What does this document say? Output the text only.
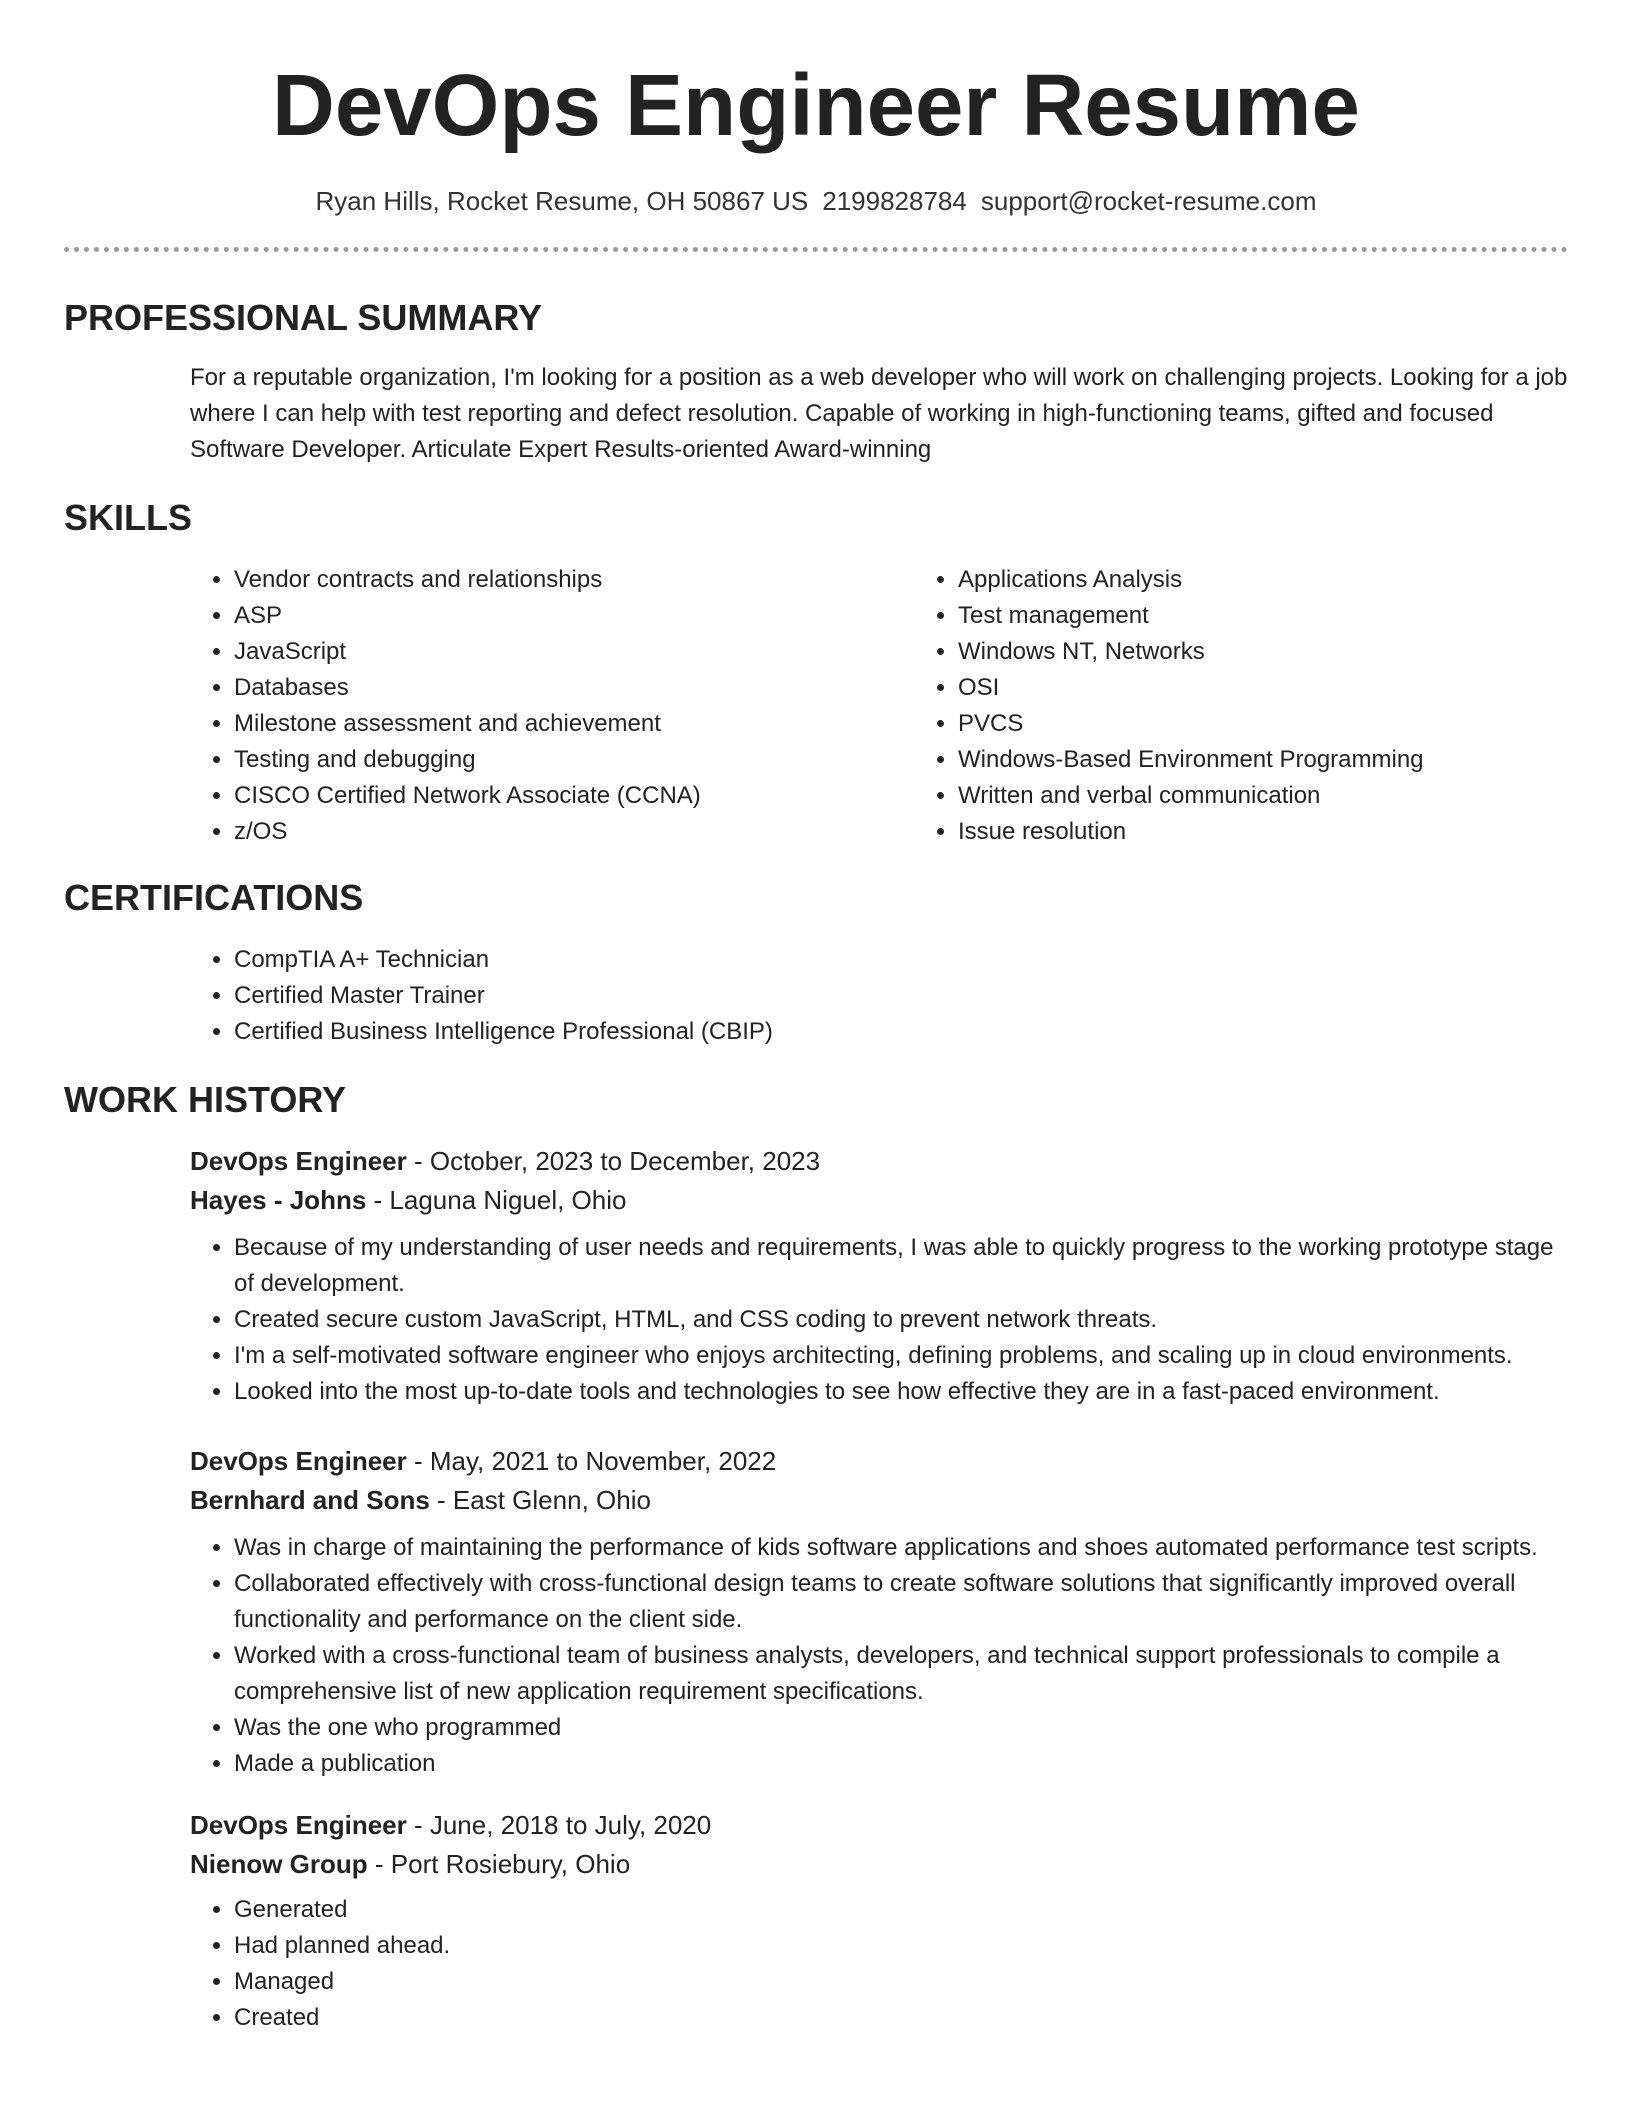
DevOps Engineer Resume
Ryan Hills, Rocket Resume, OH 50867 US 2199828784 support@rocket-resume.com
PROFESSIONAL SUMMARY
For a reputable organization, I'm looking for a position as a web developer who will work on challenging projects. Looking for a job where I can help with test reporting and defect resolution. Capable of working in high-functioning teams, gifted and focused Software Developer. Articulate Expert Results-oriented Award-winning
SKILLS
• Vendor contracts and relationships
• ASP
• JavaScript
• Databases
• Milestone assessment and achievement
• Testing and debugging
• CISCO Certified Network Associate (CCNA)
• z/OS
• Applications Analysis
• Test management
• Windows NT, Networks
• OSI
• PVCS
• Windows-Based Environment Programming
• Written and verbal communication
• Issue resolution
CERTIFICATIONS
• CompTIA A+ Technician
• Certified Master Trainer
• Certified Business Intelligence Professional (CBIP)
WORK HISTORY
DevOps Engineer - October, 2023 to December, 2023
Hayes - Johns - Laguna Niguel, Ohio
• Because of my understanding of user needs and requirements, I was able to quickly progress to the working prototype stage of development.
• Created secure custom JavaScript, HTML, and CSS coding to prevent network threats.
• I'm a self-motivated software engineer who enjoys architecting, defining problems, and scaling up in cloud environments.
• Looked into the most up-to-date tools and technologies to see how effective they are in a fast-paced environment.
DevOps Engineer - May, 2021 to November, 2022
Bernhard and Sons - East Glenn, Ohio
• Was in charge of maintaining the performance of kids software applications and shoes automated performance test scripts.
• Collaborated effectively with cross-functional design teams to create software solutions that significantly improved overall functionality and performance on the client side.
• Worked with a cross-functional team of business analysts, developers, and technical support professionals to compile a comprehensive list of new application requirement specifications.
• Was the one who programmed
• Made a publication
DevOps Engineer - June, 2018 to July, 2020
Nienow Group - Port Rosiebury, Ohio
• Generated
• Had planned ahead.
• Managed
• Created
